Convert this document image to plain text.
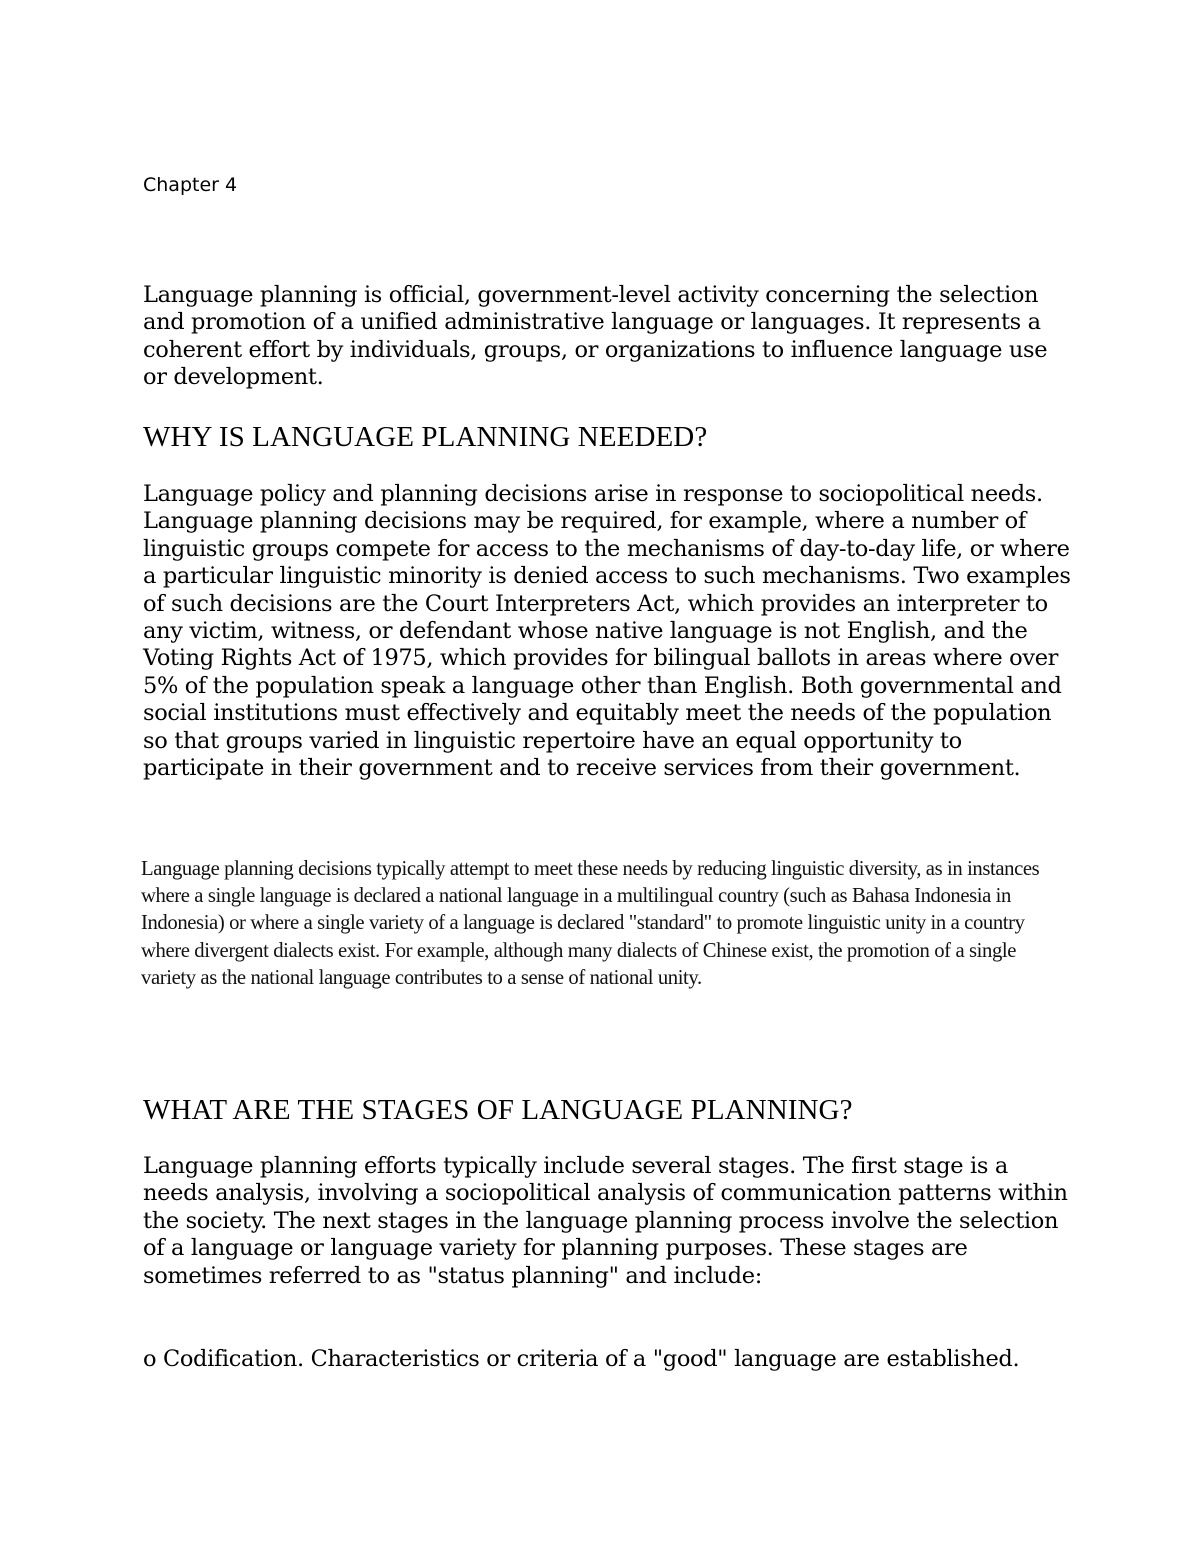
Chapter 4

Language planning is official, government-level activity concerning the selection and promotion of a unified administrative language or languages. It represents a coherent effort by individuals, groups, or organizations to influence language use or development.

WHY IS LANGUAGE PLANNING NEEDED?

Language policy and planning decisions arise in response to sociopolitical needs. Language planning decisions may be required, for example, where a number of linguistic groups compete for access to the mechanisms of day-to-day life, or where a particular linguistic minority is denied access to such mechanisms. Two examples of such decisions are the Court Interpreters Act, which provides an interpreter to any victim, witness, or defendant whose native language is not English, and the Voting Rights Act of 1975, which provides for bilingual ballots in areas where over 5% of the population speak a language other than English. Both governmental and social institutions must effectively and equitably meet the needs of the population so that groups varied in linguistic repertoire have an equal opportunity to participate in their government and to receive services from their government.

Language planning decisions typically attempt to meet these needs by reducing linguistic diversity, as in instances where a single language is declared a national language in a multilingual country (such as Bahasa Indonesia in Indonesia) or where a single variety of a language is declared "standard" to promote linguistic unity in a country where divergent dialects exist. For example, although many dialects of Chinese exist, the promotion of a single variety as the national language contributes to a sense of national unity.

WHAT ARE THE STAGES OF LANGUAGE PLANNING?

Language planning efforts typically include several stages. The first stage is a needs analysis, involving a sociopolitical analysis of communication patterns within the society. The next stages in the language planning process involve the selection of a language or language variety for planning purposes. These stages are sometimes referred to as "status planning" and include:

o Codification. Characteristics or criteria of a "good" language are established.
